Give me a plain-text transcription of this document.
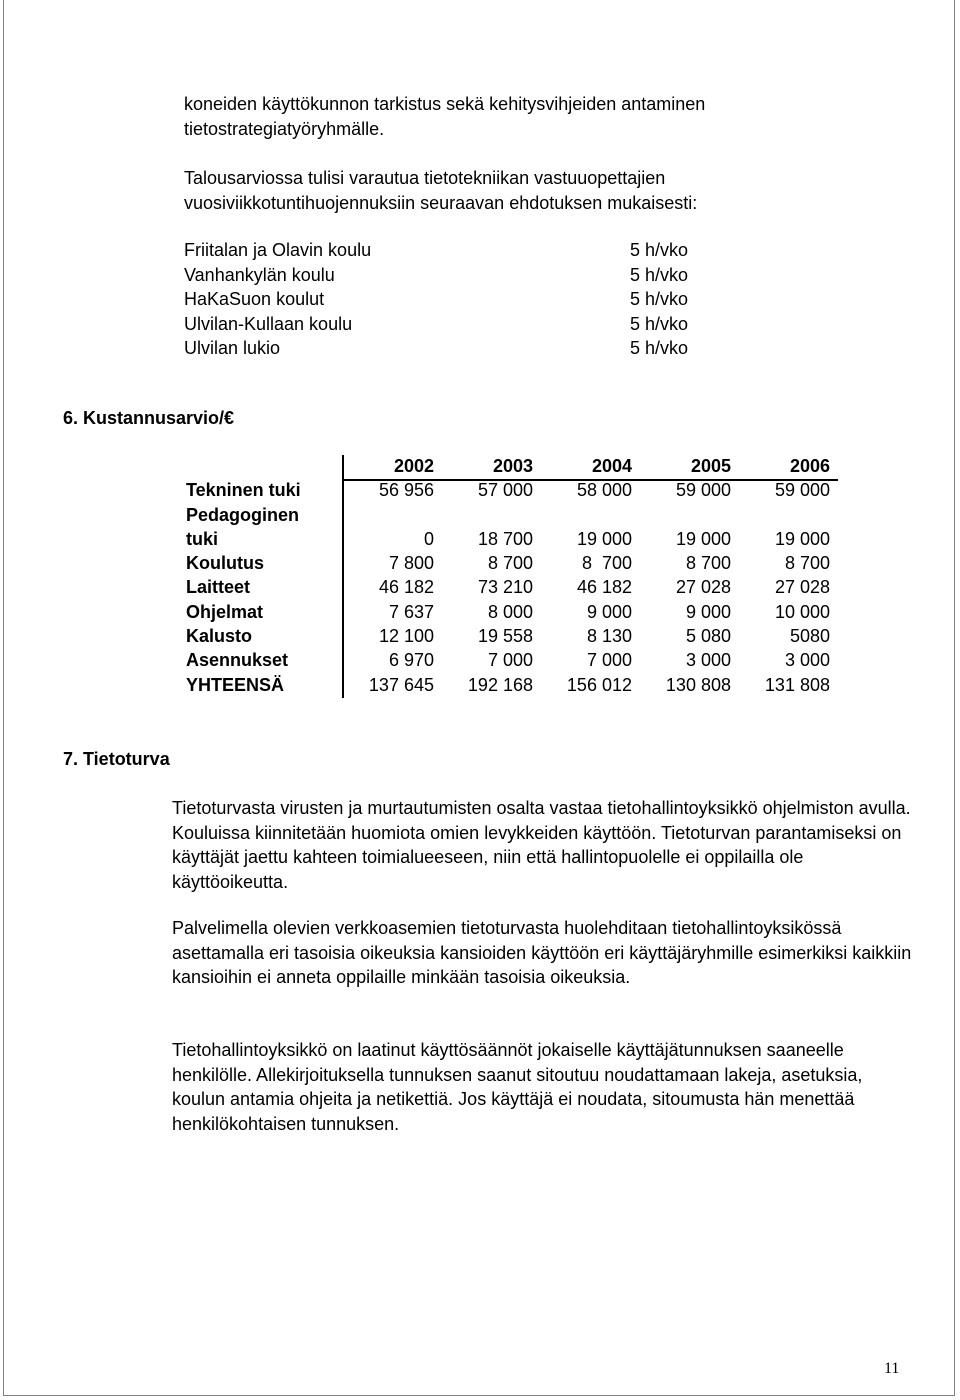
koneiden käyttökunnon tarkistus sekä kehitysvihjeiden antaminen tietostrategiatyöryhmälle.

Talousarviossa tulisi varautua tietotekniikan vastuuopettajien vuosiviikkotuntihuojennuksiin seuraavan ehdotuksen mukaisesti:

Friitalan ja Olavin koulu	5 h/vko
Vanhankylän koulu	5 h/vko
HaKaSuon koulut	5 h/vko
Ulvilan-Kullaan koulu	5 h/vko
Ulvilan lukio	5 h/vko
6. Kustannusarvio/€
2002	2003	2004	2005	2006
Tekninen tuki	56 956	57 000	58 000	59 000	59 000
Pedagoginen
tuki	0	18 700	19 000	19 000	19 000
Koulutus	7 800	8 700	8  700	8 700	8 700
Laitteet	46 182	73 210	46 182	27 028	27 028
Ohjelmat	7 637	8 000	9 000	9 000	10 000
Kalusto	12 100	19 558	8 130	5 080	5080
Asennukset	6 970	7 000	7 000	3 000	3 000
YHTEENSÄ	137 645	192 168	156 012	130 808	131 808
7. Tietoturva

Tietoturvasta virusten ja murtautumisten osalta vastaa tietohallintoyksikkö ohjelmiston avulla. Kouluissa kiinnitetään huomiota omien levykkeiden käyttöön. Tietoturvan parantamiseksi on käyttäjät jaettu kahteen toimialueeseen, niin että hallintopuolelle ei oppilailla ole käyttöoikeutta.

Palvelimella olevien verkkoasemien tietoturvasta huolehditaan tietohallintoyksikössä asettamalla eri tasoisia oikeuksia kansioiden käyttöön eri käyttäjäryhmille esimerkiksi kaikkiin kansioihin ei anneta oppilaille minkään tasoisia oikeuksia.

Tietohallintoyksikkö on laatinut käyttösäännöt jokaiselle käyttäjätunnuksen saaneelle henkilölle. Allekirjoituksella tunnuksen saanut sitoutuu noudattamaan lakeja, asetuksia, koulun antamia ohjeita ja netikettiä. Jos käyttäjä ei noudata, sitoumusta hän menettää henkilökohtaisen tunnuksen.

11
